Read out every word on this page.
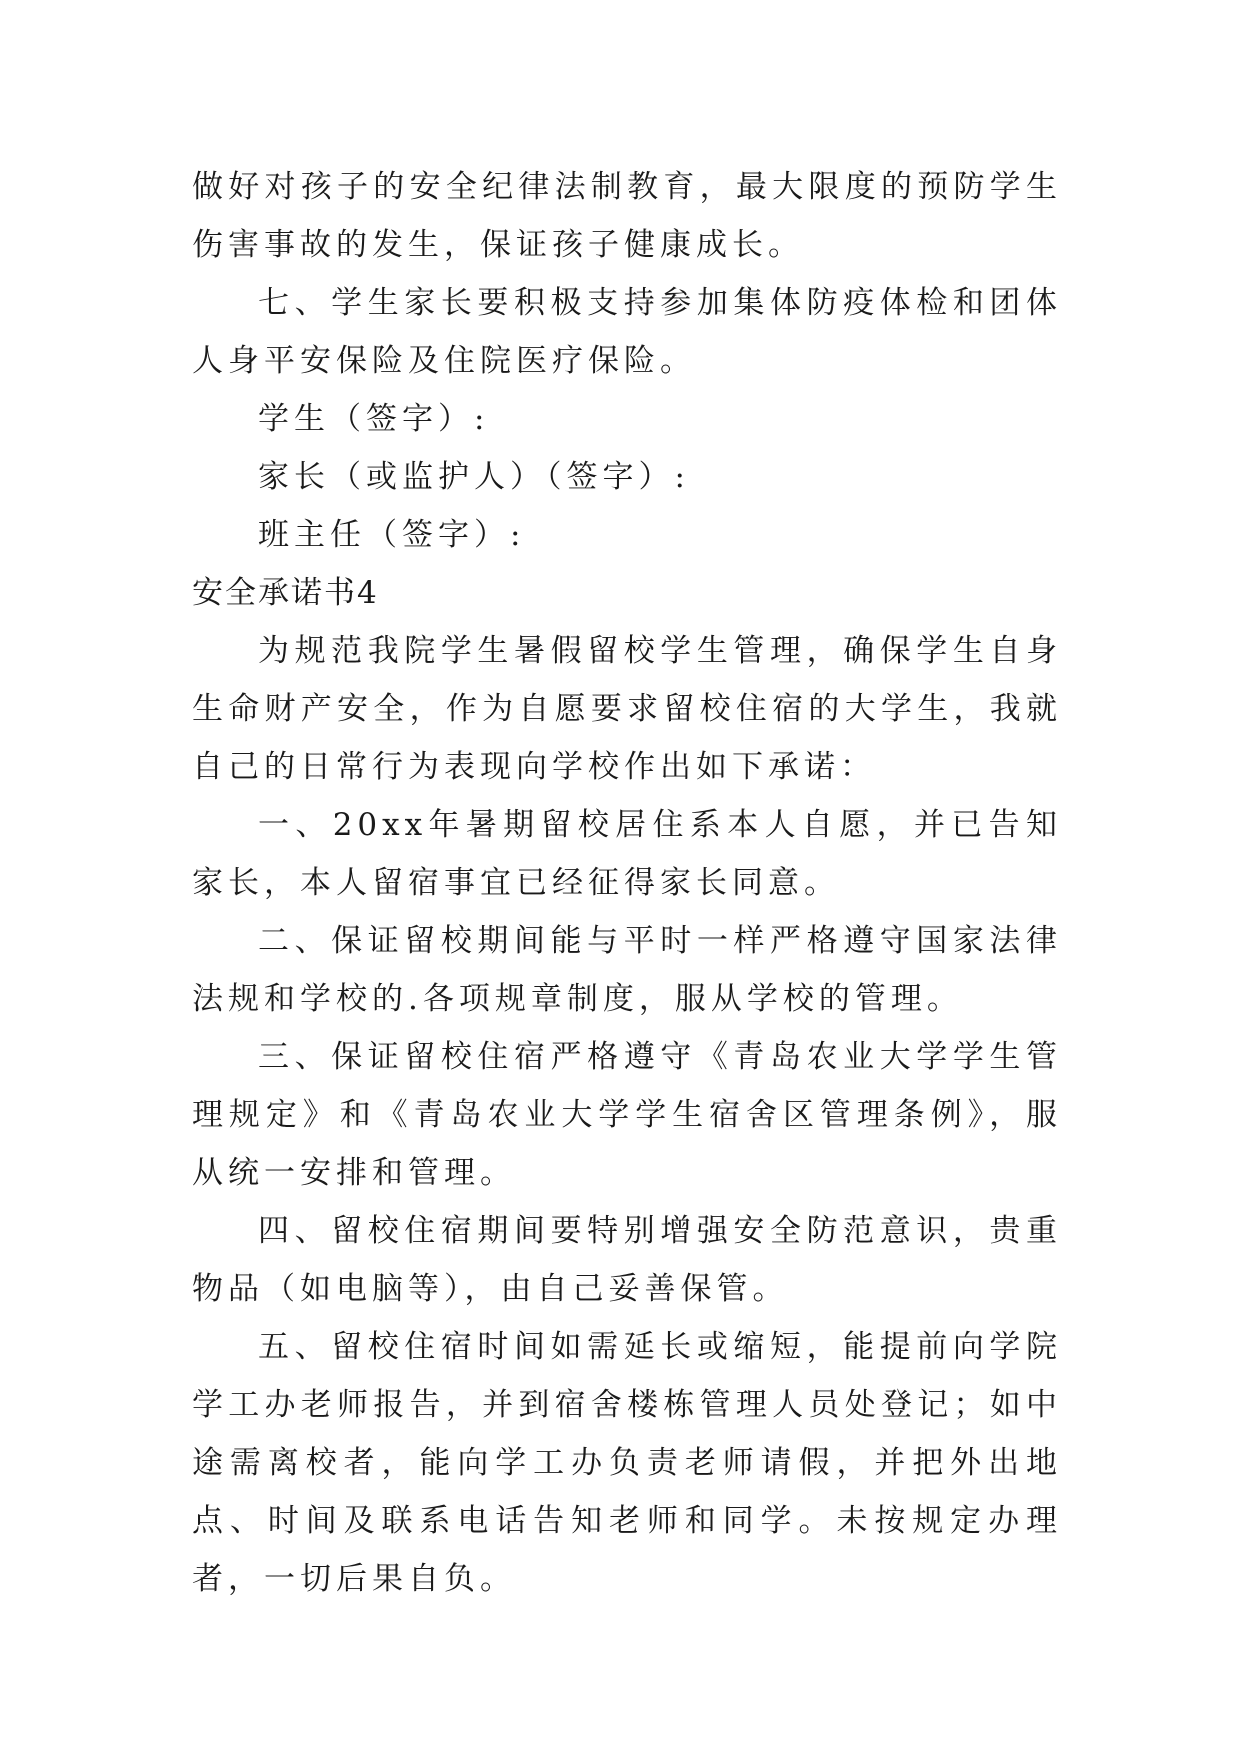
做好对孩子的安全纪律法制教育，最大限度的预防学生伤害事故的发生，保证孩子健康成长。

七、学生家长要积极支持参加集体防疫体检和团体人身平安保险及住院医疗保险。

学生（签字）:

家长（或监护人）（签字）:

班主任（签字）:

安全承诺书4

为规范我院学生暑假留校学生管理，确保学生自身生命财产安全，作为自愿要求留校住宿的大学生，我就自己的日常行为表现向学校作出如下承诺：

一、20xx年暑期留校居住系本人自愿，并已告知家长，本人留宿事宜已经征得家长同意。

二、保证留校期间能与平时一样严格遵守国家法律法规和学校的.各项规章制度，服从学校的管理。

三、保证留校住宿严格遵守《青岛农业大学学生管理规定》和《青岛农业大学学生宿舍区管理条例》，服从统一安排和管理。

四、留校住宿期间要特别增强安全防范意识，贵重物品（如电脑等），由自己妥善保管。

五、留校住宿时间如需延长或缩短，能提前向学院学工办老师报告，并到宿舍楼栋管理人员处登记；如中途需离校者，能向学工办负责老师请假，并把外出地点、时间及联系电话告知老师和同学。未按规定办理者，一切后果自负。
